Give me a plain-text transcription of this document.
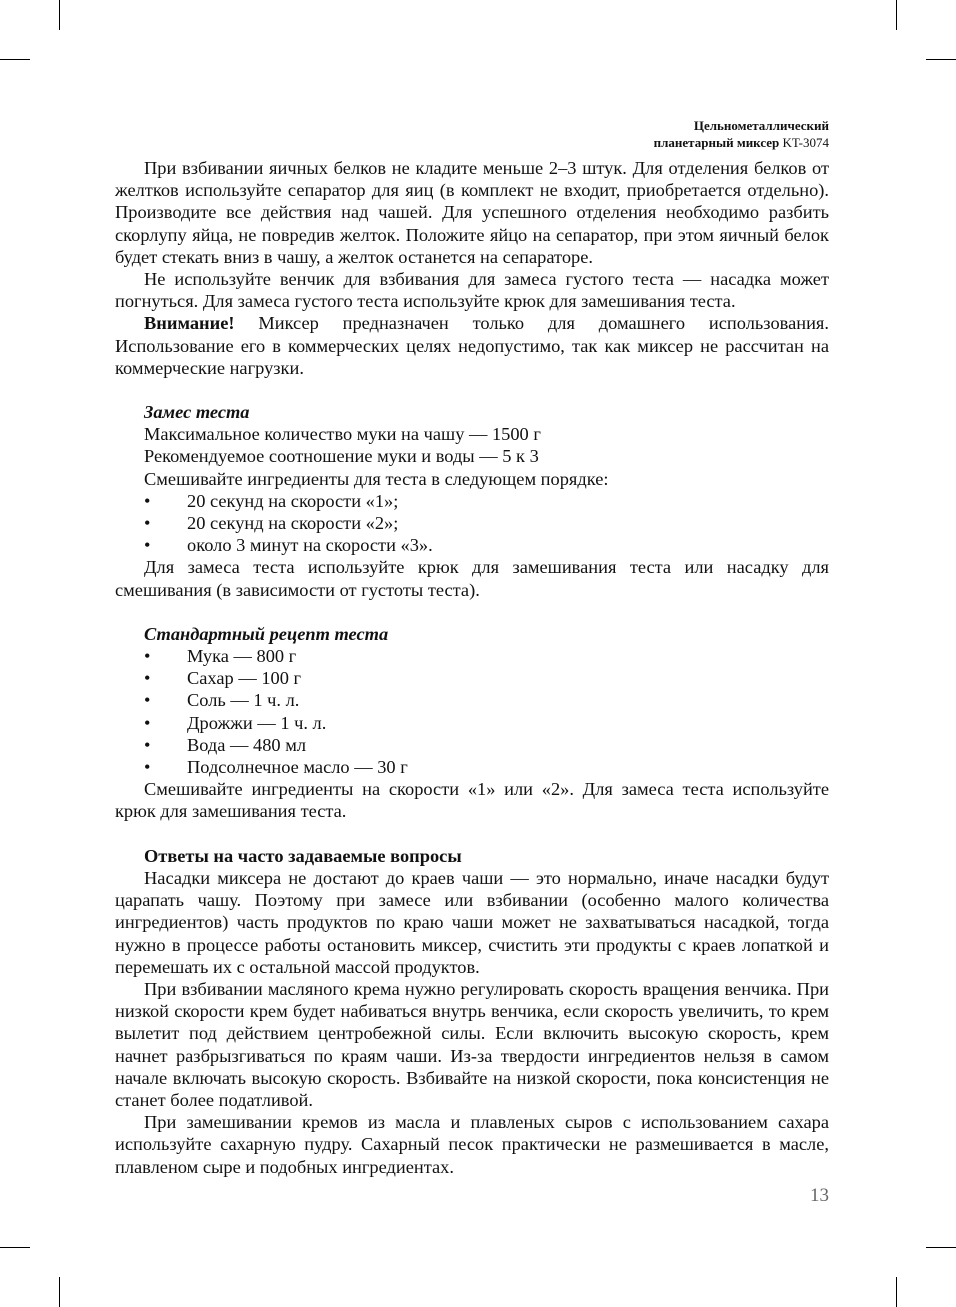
Цельнометаллический
планетарный миксер KT-3074

При взбивании яичных белков не кладите меньше 2–3 штук. Для отделения белков от желтков используйте сепаратор для яиц (в комплект не входит, приобретается отдельно). Производите все действия над чашей. Для успешного отделения необходимо разбить скорлупу яйца, не повредив желток. Положите яйцо на сепаратор, при этом яичный белок будет стекать вниз в чашу, а желток останется на сепараторе.

Не используйте венчик для взбивания для замеса густого теста — насадка может погнуться. Для замеса густого теста используйте крюк для замешивания теста.

Внимание! Миксер предназначен только для домашнего использования. Использование его в коммерческих целях недопустимо, так как миксер не рассчитан на коммерческие нагрузки.

Замес теста
Максимальное количество муки на чашу — 1500 г
Рекомендуемое соотношение муки и воды — 5 к 3
Смешивайте ингредиенты для теста в следующем порядке:
•	20 секунд на скорости «1»;
•	20 секунд на скорости «2»;
•	около 3 минут на скорости «3».

Для замеса теста используйте крюк для замешивания теста или насадку для смешивания (в зависимости от густоты теста).

Стандартный рецепт теста
•	Мука — 800 г
•	Сахар — 100 г
•	Соль — 1 ч. л.
•	Дрожжи — 1 ч. л.
•	Вода — 480 мл
•	Подсолнечное масло — 30 г

Смешивайте ингредиенты на скорости «1» или «2». Для замеса теста используйте крюк для замешивания теста.

Ответы на часто задаваемые вопросы

Насадки миксера не достают до краев чаши — это нормально, иначе насадки будут царапать чашу. Поэтому при замесе или взбивании (особенно малого количества ингредиентов) часть продуктов по краю чаши может не захватываться насадкой, тогда нужно в процессе работы остановить миксер, счистить эти продукты с краев лопаткой и перемешать их с остальной массой продуктов.

При взбивании масляного крема нужно регулировать скорость вращения венчика. При низкой скорости крем будет набиваться внутрь венчика, если скорость увеличить, то крем вылетит под действием центробежной силы. Если включить высокую скорость, крем начнет разбрызгиваться по краям чаши. Из-за твердости ингредиентов нельзя в самом начале включать высокую скорость. Взбивайте на низкой скорости, пока консистенция не станет более податливой.

При замешивании кремов из масла и плавленых сыров с использованием сахара используйте сахарную пудру. Сахарный песок практически не размешивается в масле, плавленом сыре и подобных ингредиентах.

13
